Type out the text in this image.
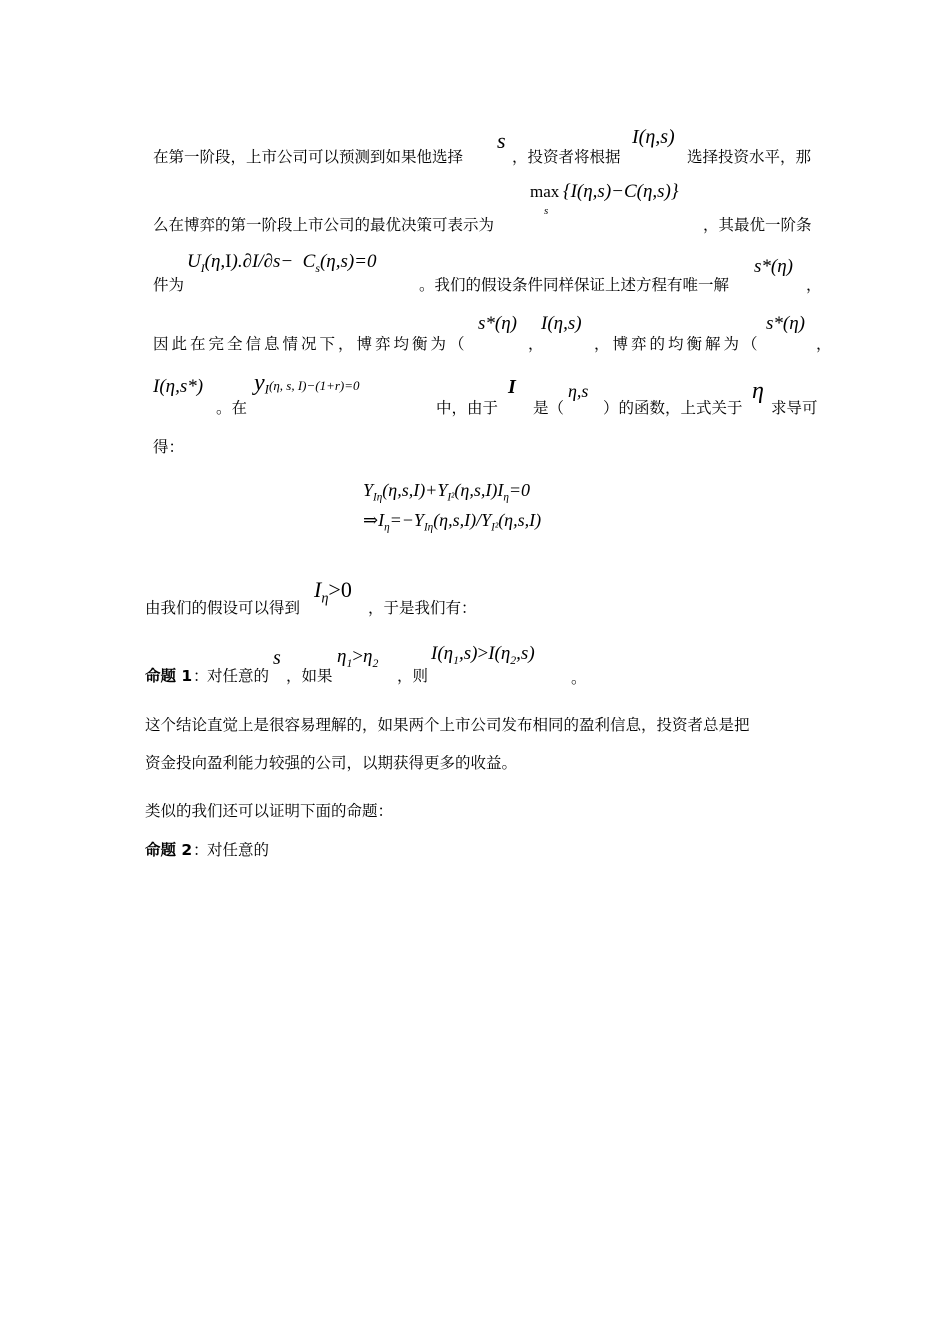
在第一阶段，上市公司可以预测到如果他选择
s
，投资者将根据
I(η,s)
选择投资水平，那
max
s
{I(η,s)−C(η,s)}
么在博弈的第一阶段上市公司的最优决策可表示为	，其最优一阶条
件为
$U_I(\eta,I).\partial I/\partial s- C_s(\eta,s)=0$
。我们的假设条件同样保证上述方程有唯一解
s*(η)
，
因此在完全信息情况下，博弈均衡为（
s*(η)
，
I(η,s)
，博弈的均衡解为（
s*(η)
，
I(η,s*)
。在
$y_I(\eta$, s, I)−(1+r)=0
中，由于
I
是（
η,s
）的函数，上式关于
η
求导可
得：
$Y_{I\eta}(\eta,s,I)+Y_{I^2}(\eta,s,I)I_\eta=0$
$\Rightarrow I_\eta=-Y_{I\eta}(\eta,s,I)/Y_{I^2}(\eta,s,I)$
由我们的假设可以得到
$I_\eta>0$
，于是我们有：
命题 1 ：
对任意的
s
，如果
$\eta_1>\eta_2$
，则
$I(\eta_1,s)>I(\eta_2,s)$
。
这个结论直觉上是很容易理解的，如果两个上市公司发布相同的盈利信息，投资者总是把
资金投向盈利能力较强的公司，以期获得更多的收益。
类似的我们还可以证明下面的命题：
命题 2 ：
对任意的
